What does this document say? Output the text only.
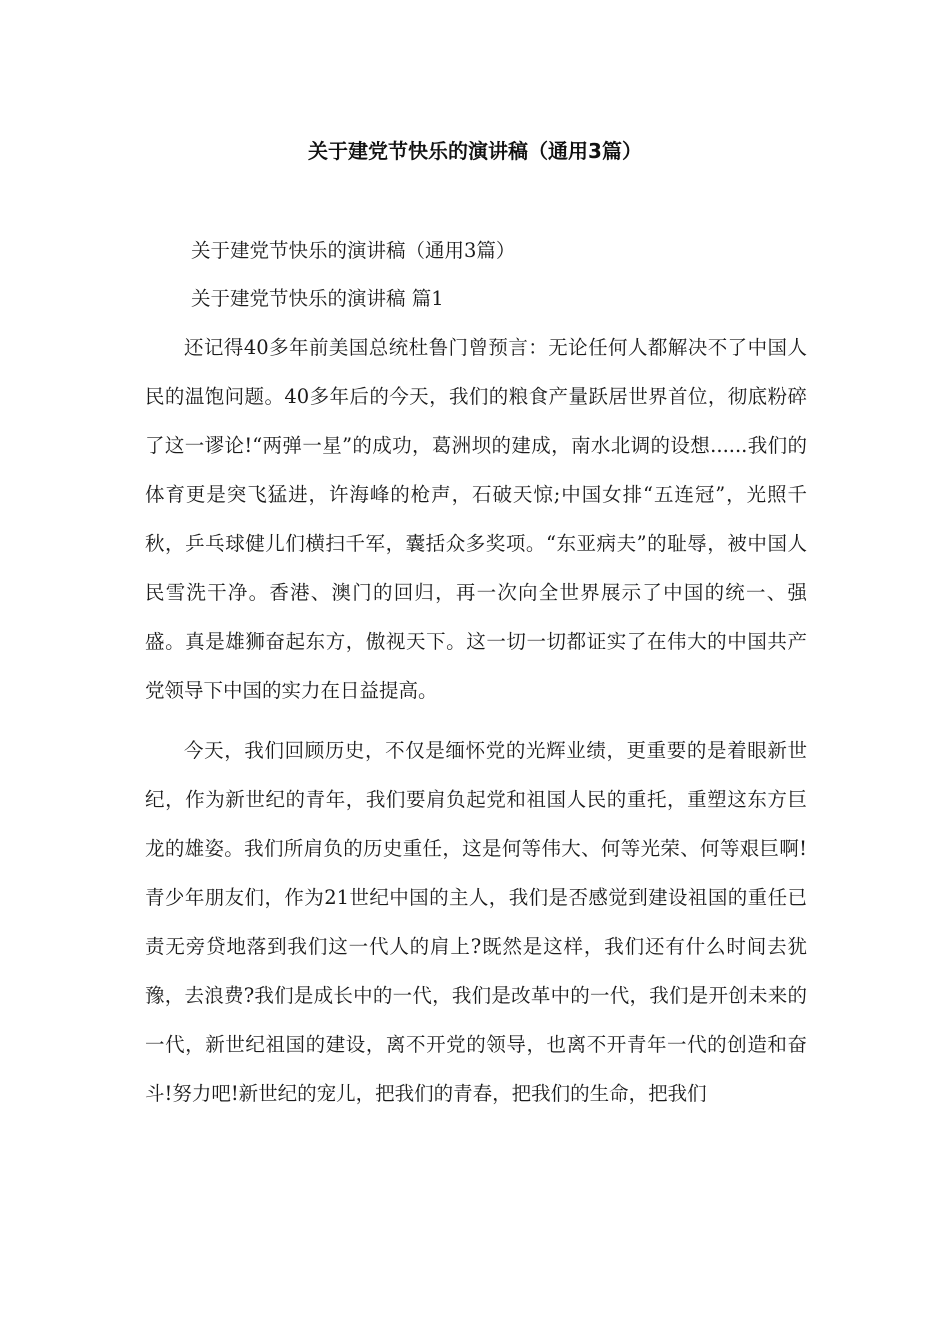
关于建党节快乐的演讲稿（通用3篇）
关于建党节快乐的演讲稿（通用3篇）
关于建党节快乐的演讲稿 篇1

还记得40多年前美国总统杜鲁门曾预言：无论任何人都解决不了中国人民的温饱问题。40多年后的今天，我们的粮食产量跃居世界首位，彻底粉碎了这一谬论!“两弹一星”的成功，葛洲坝的建成，南水北调的设想......我们的体育更是突飞猛进，许海峰的枪声，石破天惊;中国女排“五连冠”，光照千秋，乒乓球健儿们横扫千军，囊括众多奖项。“东亚病夫”的耻辱，被中国人民雪洗干净。香港、澳门的回归，再一次向全世界展示了中国的统一、强盛。真是雄狮奋起东方，傲视天下。这一切一切都证实了在伟大的中国共产党领导下中国的实力在日益提高。

今天，我们回顾历史，不仅是缅怀党的光辉业绩，更重要的是着眼新世纪，作为新世纪的青年，我们要肩负起党和祖国人民的重托，重塑这东方巨龙的雄姿。我们所肩负的历史重任，这是何等伟大、何等光荣、何等艰巨啊!青少年朋友们，作为21世纪中国的主人，我们是否感觉到建设祖国的重任已责无旁贷地落到我们这一代人的肩上?既然是这样，我们还有什么时间去犹豫，去浪费?我们是成长中的一代，我们是改革中的一代，我们是开创未来的一代，新世纪祖国的建设，离不开党的领导，也离不开青年一代的创造和奋斗!努力吧!新世纪的宠儿，把我们的青春，把我们的生命，把我们
